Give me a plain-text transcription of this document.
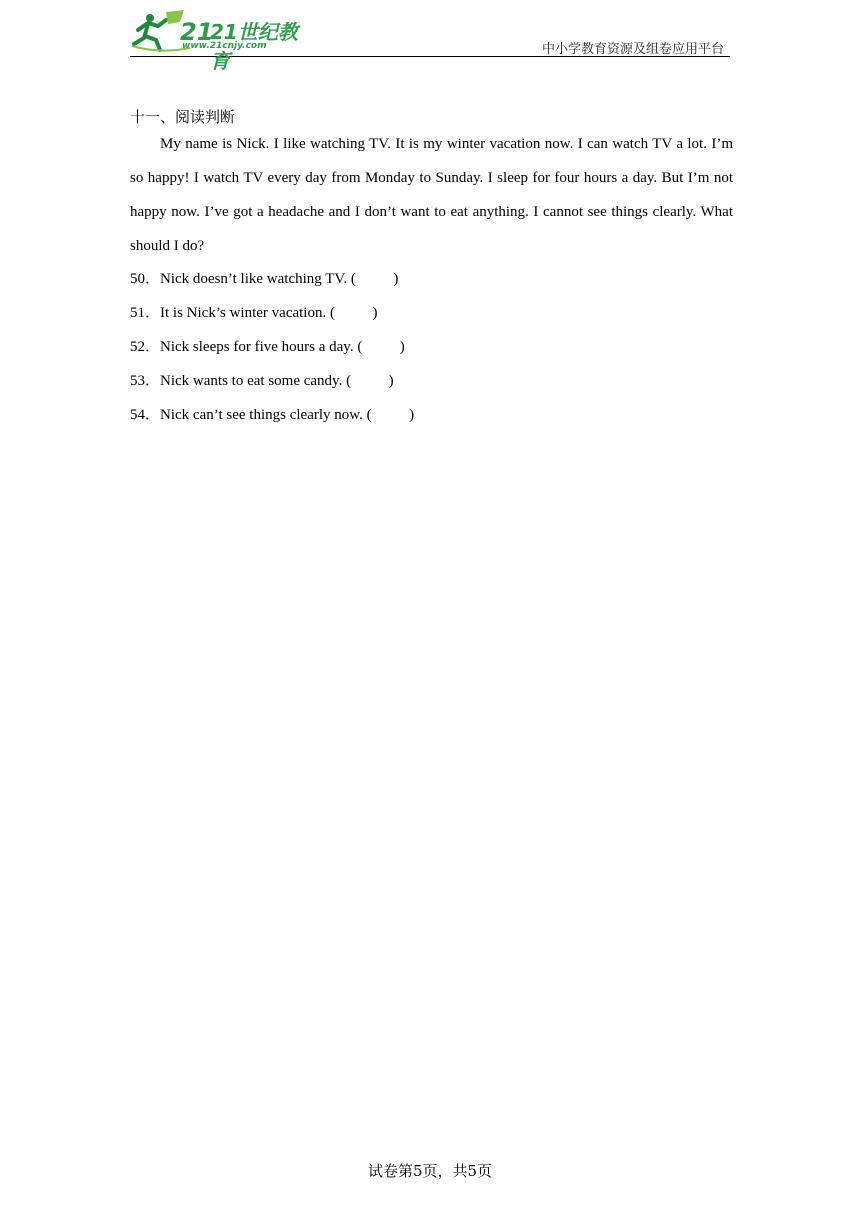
21
21世纪教育
www.21cnjy.com	中小学教育资源及组卷应用平台
十一、阅读判断

My name is Nick. I like watching TV. It is my winter vacation now. I can watch TV a lot. I’m so happy! I watch TV every day from Monday to Sunday. I sleep for four hours a day. But I’m not happy now. I’ve got a headache and I don’t want to eat anything. I cannot see things clearly. What should I do?

50．Nick doesn’t like watching TV. (          )
51．It is Nick’s winter vacation. (          )
52．Nick sleeps for five hours a day. (          )
53．Nick wants to eat some candy. (          )
54．Nick can’t see things clearly now. (          )
试卷第5页，共5页
